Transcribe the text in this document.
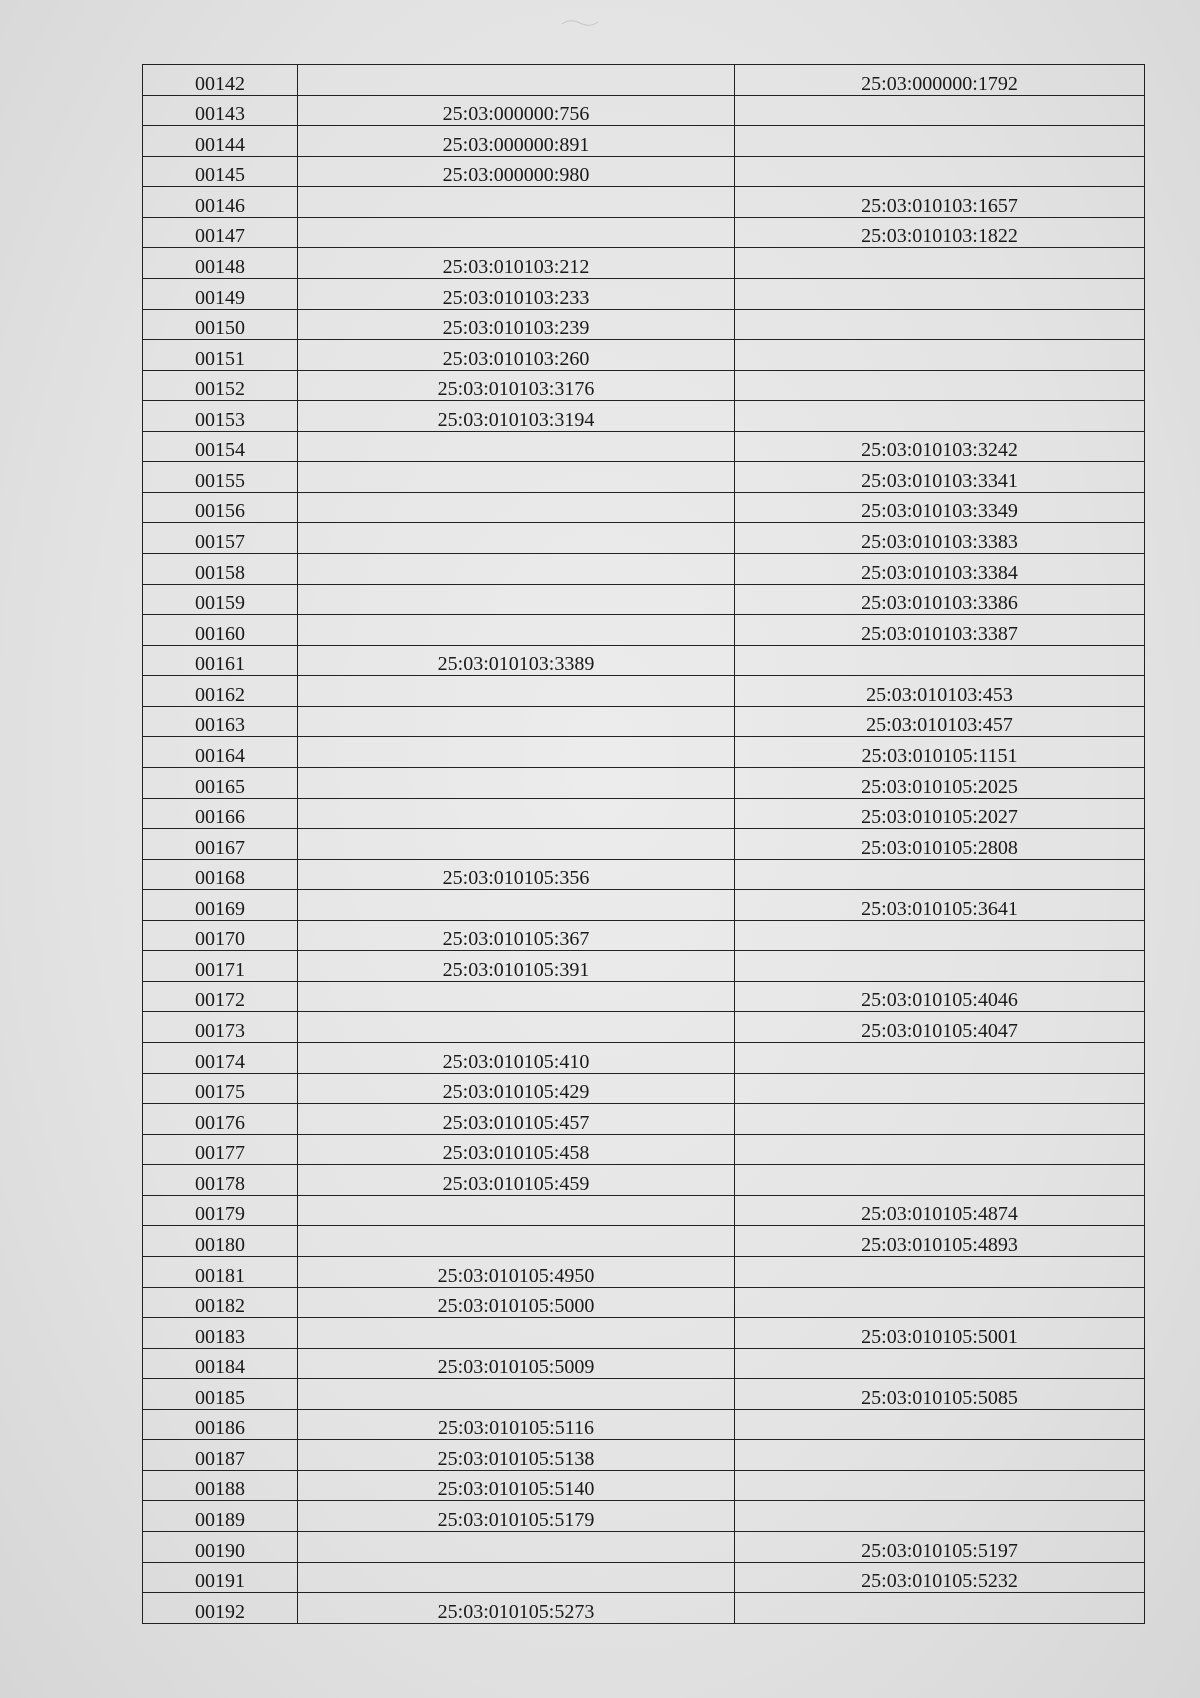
00142		25:03:000000:1792
00143	25:03:000000:756	
00144	25:03:000000:891	
00145	25:03:000000:980	
00146		25:03:010103:1657
00147		25:03:010103:1822
00148	25:03:010103:212	
00149	25:03:010103:233	
00150	25:03:010103:239	
00151	25:03:010103:260	
00152	25:03:010103:3176	
00153	25:03:010103:3194	
00154		25:03:010103:3242
00155		25:03:010103:3341
00156		25:03:010103:3349
00157		25:03:010103:3383
00158		25:03:010103:3384
00159		25:03:010103:3386
00160		25:03:010103:3387
00161	25:03:010103:3389	
00162		25:03:010103:453
00163		25:03:010103:457
00164		25:03:010105:1151
00165		25:03:010105:2025
00166		25:03:010105:2027
00167		25:03:010105:2808
00168	25:03:010105:356	
00169		25:03:010105:3641
00170	25:03:010105:367	
00171	25:03:010105:391	
00172		25:03:010105:4046
00173		25:03:010105:4047
00174	25:03:010105:410	
00175	25:03:010105:429	
00176	25:03:010105:457	
00177	25:03:010105:458	
00178	25:03:010105:459	
00179		25:03:010105:4874
00180		25:03:010105:4893
00181	25:03:010105:4950	
00182	25:03:010105:5000	
00183		25:03:010105:5001
00184	25:03:010105:5009	
00185		25:03:010105:5085
00186	25:03:010105:5116	
00187	25:03:010105:5138	
00188	25:03:010105:5140	
00189	25:03:010105:5179	
00190		25:03:010105:5197
00191		25:03:010105:5232
00192	25:03:010105:5273	
